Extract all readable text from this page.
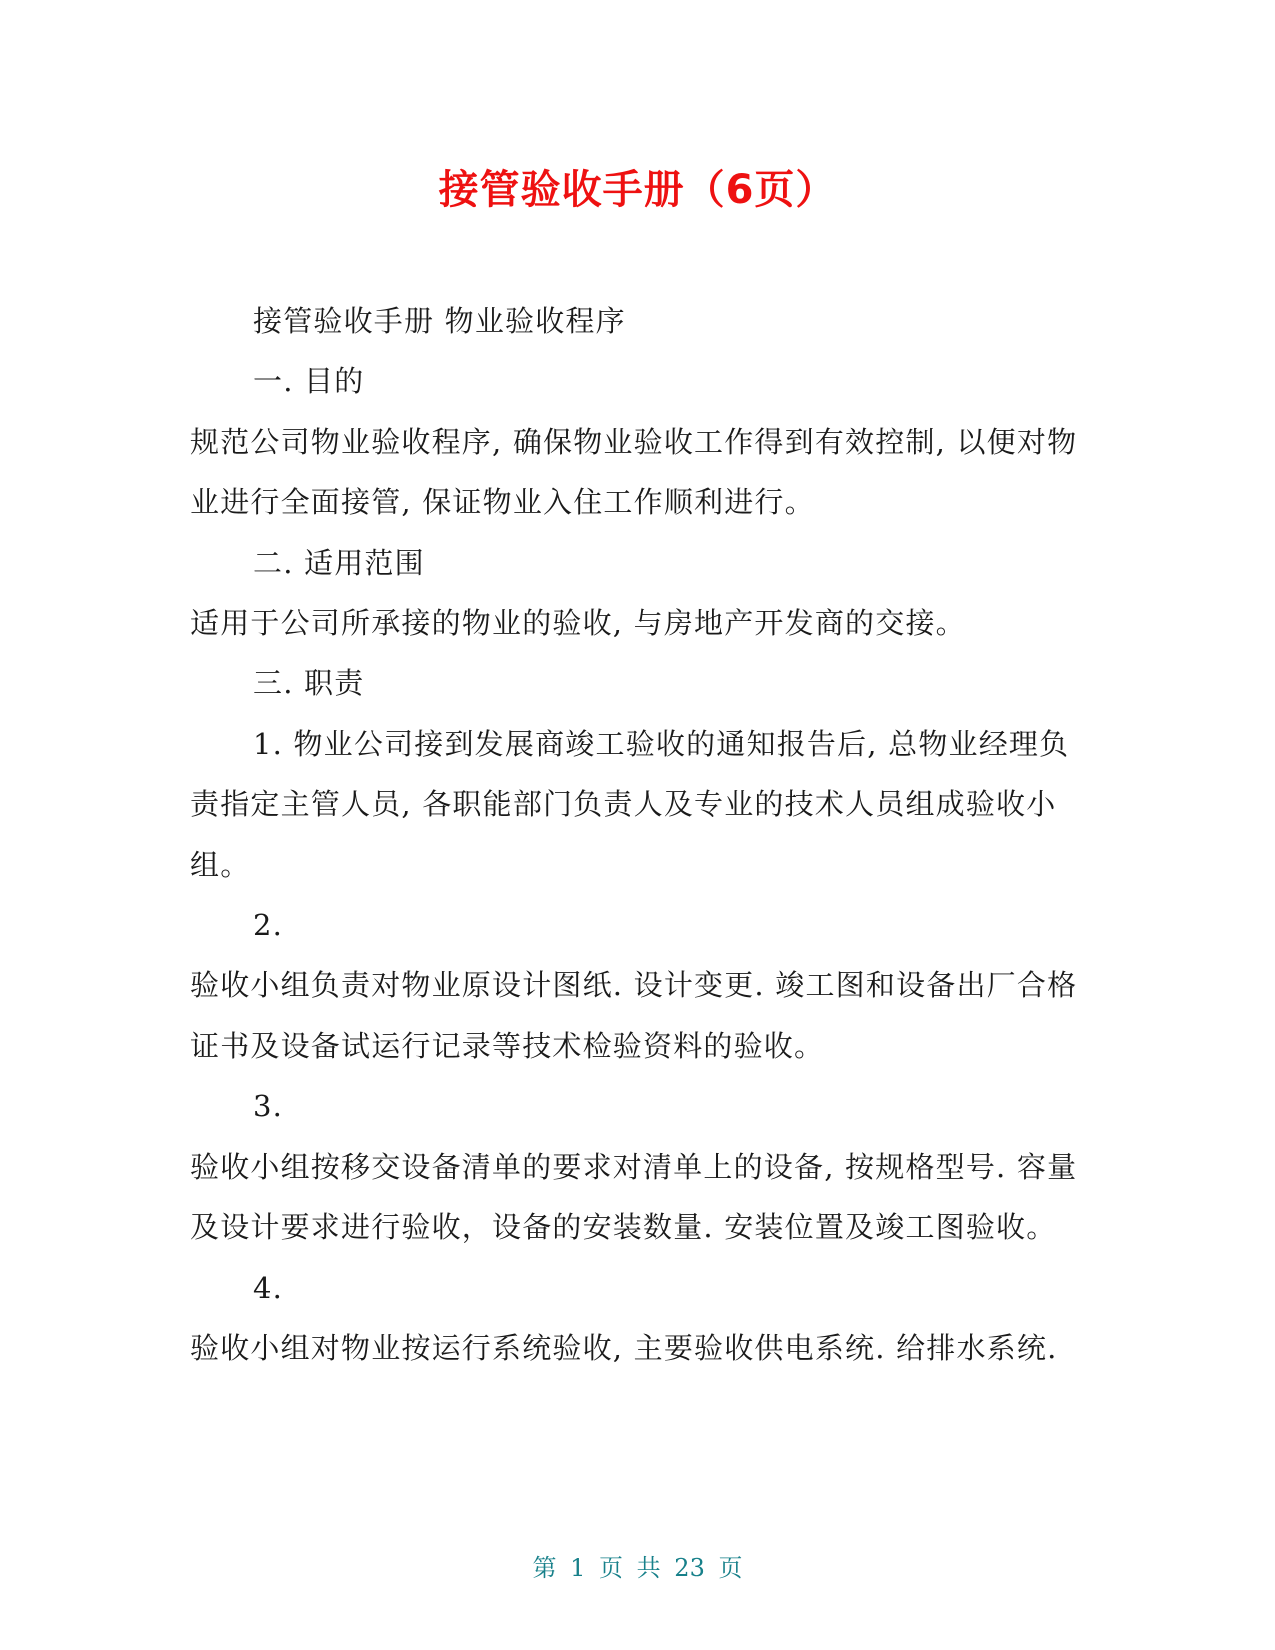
接管验收手册（6页）

接管验收手册 物业验收程序

一. 目的

规范公司物业验收程序, 确保物业验收工作得到有效控制, 以便对物业进行全面接管, 保证物业入住工作顺利进行。

二. 适用范围

适用于公司所承接的物业的验收, 与房地产开发商的交接。

三. 职责

1. 物业公司接到发展商竣工验收的通知报告后, 总物业经理负责指定主管人员, 各职能部门负责人及专业的技术人员组成验收小组。

2.

验收小组负责对物业原设计图纸. 设计变更. 竣工图和设备出厂合格证书及设备试运行记录等技术检验资料的验收。

3.

验收小组按移交设备清单的要求对清单上的设备, 按规格型号. 容量及设计要求进行验收，设备的安装数量. 安装位置及竣工图验收。

4.

验收小组对物业按运行系统验收, 主要验收供电系统. 给排水系统.

第 1 页 共 23 页
